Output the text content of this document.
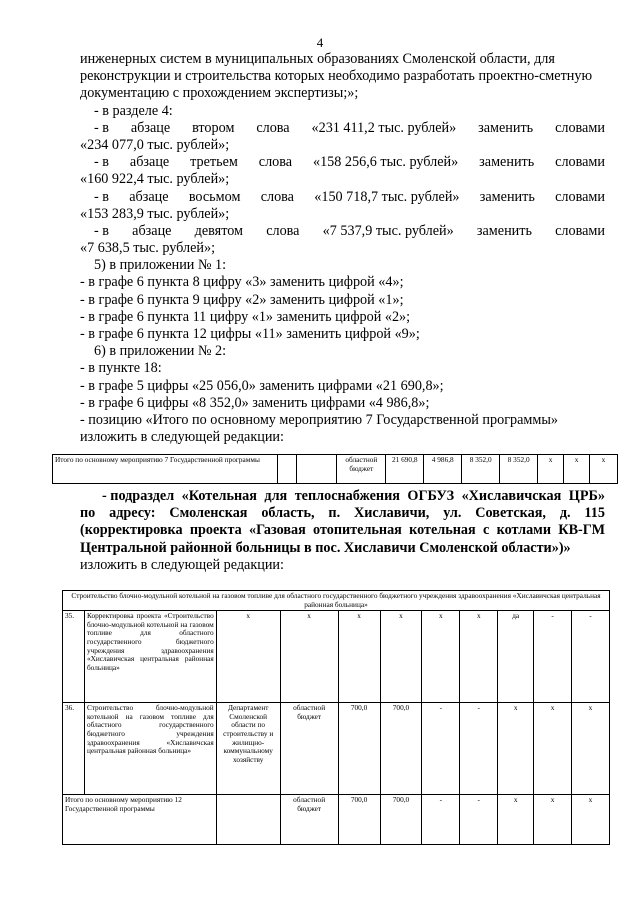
4
инженерных систем в муниципальных образованиях Смоленской области, для
реконструкции и строительства которых необходимо разработать проектно-сметную
документацию с прохождением экспертизы;»;
- в разделе 4:
- в абзаце втором слова «231 411,2 тыс. рублей» заменить словами
«234 077,0 тыс. рублей»;
- в абзаце третьем слова «158 256,6 тыс. рублей» заменить словами
«160 922,4 тыс. рублей»;
- в абзаце восьмом слова «150 718,7 тыс. рублей» заменить словами
«153 283,9 тыс. рублей»;
- в абзаце девятом слова «7 537,9 тыс. рублей» заменить словами
«7 638,5 тыс. рублей»;
5) в приложении № 1:
- в графе 6 пункта 8 цифру «3» заменить цифрой «4»;
- в графе 6 пункта 9 цифру «2» заменить цифрой «1»;
- в графе 6 пункта 11 цифру «1» заменить цифрой «2»;
- в графе 6 пункта 12 цифры «11» заменить цифрой «9»;
6) в приложении № 2:
- в пункте 18:
- в графе 5 цифры «25 056,0» заменить цифрами «21 690,8»;
- в графе 6 цифры «8 352,0» заменить цифрами «4 986,8»;
- позицию «Итого по основному мероприятию 7 Государственной программы»
изложить в следующей редакции:
Итого по основному мероприятию 7 Государственной программы			областной бюджет	21 690,8	4 986,8	8 352,0	8 352,0	х	х	х
- подраздел «Котельная для теплоснабжения ОГБУЗ «Хиславичская ЦРБ»
по адресу: Смоленская область, п. Хиславичи, ул. Советская, д. 115
(корректировка проекта «Газовая отопительная котельная с котлами КВ-ГМ
Центральной районной больницы в пос. Хиславичи Смоленской области»)»
изложить в следующей редакции:
Строительство блочно-модульной котельной на газовом топливе для областного государственного бюджетного учреждения здравоохранения «Хиславичская центральная районная больница»										
35.	Корректировка проекта «Строительство блочно-модульной котельной на газовом топливе для областного государственного бюджетного учреждения здравоохранения «Хиславичская центральная районная больница»	х	х	х	х	х	х	да	-	-
36.	Строительство блочно-модульной котельной на газовом топливе для областного государственного бюджетного учреждения здравоохранения «Хиславичская центральная районная больница»	Департамент Смоленской области по строительству и жилищно-коммунальному хозяйству	областной бюджет	700,0	700,0	-	-	х	х	х
Итого по основному мероприятию 12 Государственной программы			областной бюджет	700,0	700,0	-	-	х	х	х
